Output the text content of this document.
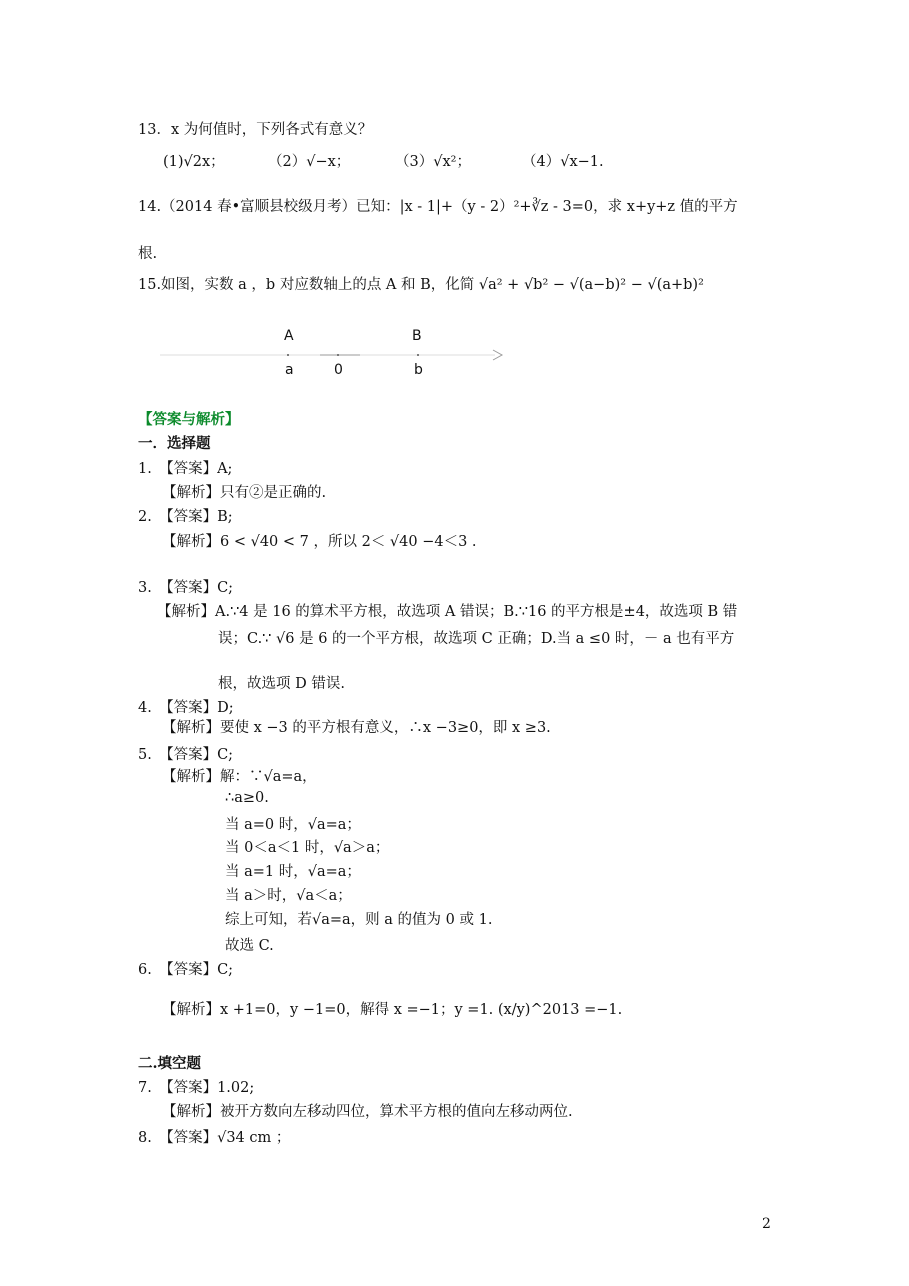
13．x 为何值时，下列各式有意义？
(1)√2x；	（2）√−x；	（3）√x²；	（4）√x−1.
14.（2014 春•富顺县校级月考）已知：|x - 1|+（y - 2）²+∛z - 3=0，求 x+y+z 值的平方
根.
15.如图，实数 a ，b 对应数轴上的点 A 和 B，化简 √a² + √b² − √(a−b)² − √(a+b)²
A
a	0
B
b
【答案与解析】
一．选择题
1.　【答案】A;
【解析】只有②是正确的.
2.　【答案】B;
【解析】6 < √40 < 7 ，所以 2＜ √40 −4＜3 .
3.　【答案】C;
【解析】A.∵4 是 16 的算术平方根，故选项 A 错误；B.∵16 的平方根是±4，故选项 B 错
误；C.∵ √6 是 6 的一个平方根，故选项 C 正确；D.当 a ≤0 时，－ a 也有平方
根，故选项 D 错误.
4.　【答案】D;
【解析】要使 x −3 的平方根有意义，∴x −3≥0，即 x ≥3.
5.　【答案】C;
【解析】解：∵√a=a，
∴a≥0.
当 a=0 时，√a=a；
当 0＜a＜1 时，√a＞a；
当 a=1 时，√a=a；
当 a＞时，√a＜a；
综上可知，若√a=a，则 a 的值为 0 或 1.
故选 C.
6.　【答案】C;
【解析】x +1=0，y −1=0，解得 x =−1；y =1. (x/y)^2013 =−1.
二.填空题
7.　【答案】1.02;
【解析】被开方数向左移动四位，算术平方根的值向左移动两位.
8.　【答案】√34 cm ；
2
